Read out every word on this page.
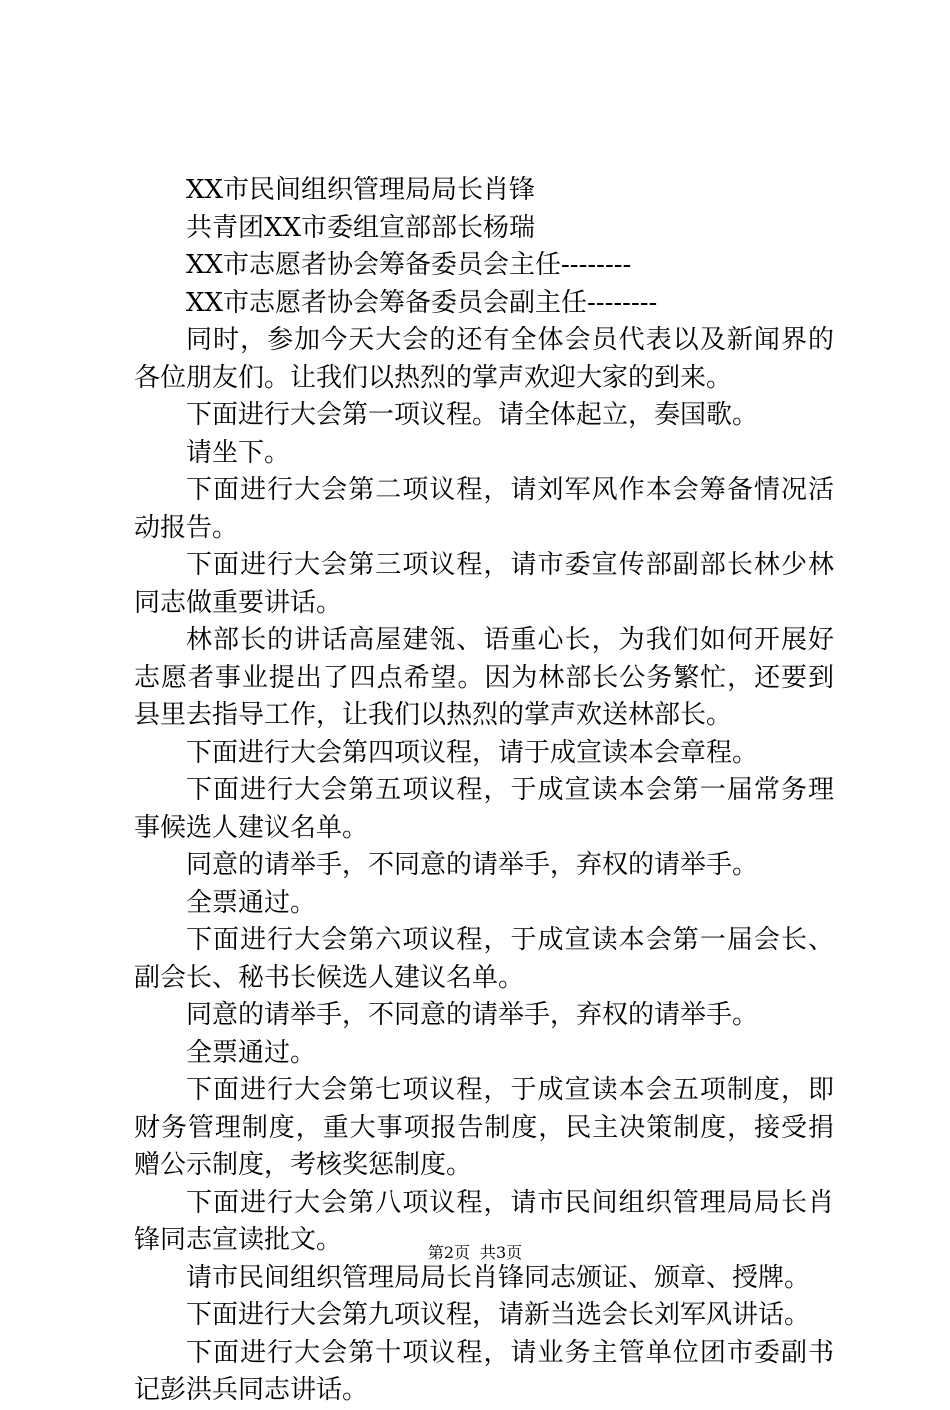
XX市民间组织管理局局长肖锋

共青团XX市委组宣部部长杨瑞

XX市志愿者协会筹备委员会主任--------

XX市志愿者协会筹备委员会副主任--------

同时，参加今天大会的还有全体会员代表以及新闻界的各位朋友们。让我们以热烈的掌声欢迎大家的到来。

下面进行大会第一项议程。请全体起立，奏国歌。

请坐下。

下面进行大会第二项议程，请刘军风作本会筹备情况活动报告。

下面进行大会第三项议程，请市委宣传部副部长林少林同志做重要讲话。

林部长的讲话高屋建瓴、语重心长，为我们如何开展好志愿者事业提出了四点希望。因为林部长公务繁忙，还要到县里去指导工作，让我们以热烈的掌声欢送林部长。

下面进行大会第四项议程，请于成宣读本会章程。

下面进行大会第五项议程，于成宣读本会第一届常务理事候选人建议名单。

同意的请举手，不同意的请举手，弃权的请举手。

全票通过。

下面进行大会第六项议程，于成宣读本会第一届会长、副会长、秘书长候选人建议名单。

同意的请举手，不同意的请举手，弃权的请举手。

全票通过。

下面进行大会第七项议程，于成宣读本会五项制度，即财务管理制度，重大事项报告制度，民主决策制度，接受捐赠公示制度，考核奖惩制度。

下面进行大会第八项议程，请市民间组织管理局局长肖锋同志宣读批文。

请市民间组织管理局局长肖锋同志颁证、颁章、授牌。

下面进行大会第九项议程，请新当选会长刘军风讲话。

下面进行大会第十项议程，请业务主管单位团市委副书记彭洪兵同志讲话。

第2页 共3页
